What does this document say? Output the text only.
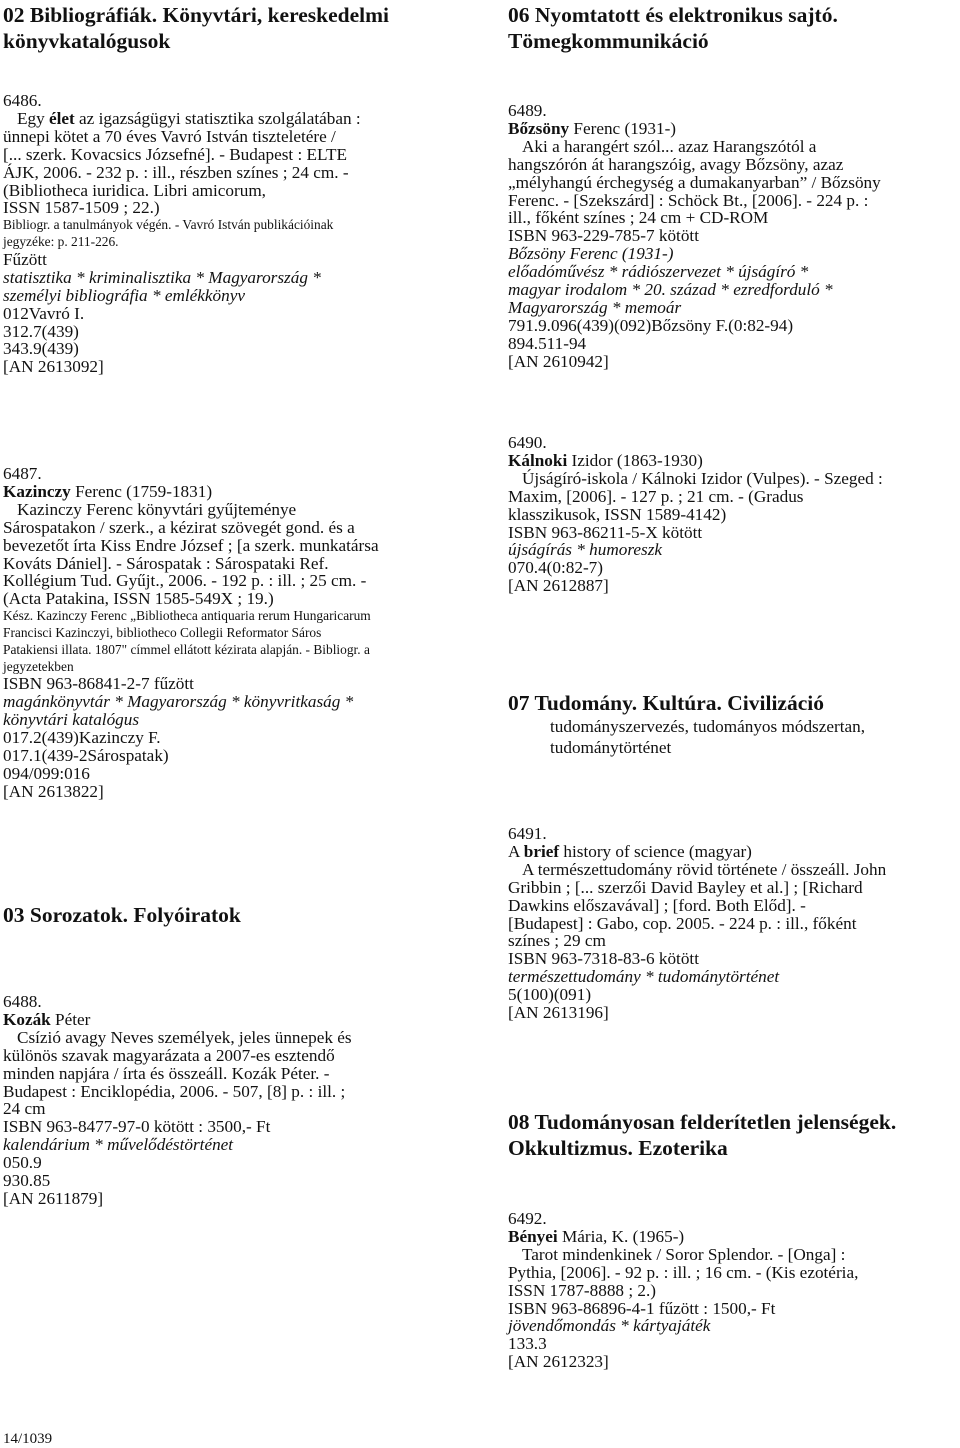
02 Bibliográfiák. Könyvtári, kereskedelmi könyvkatalógusok
6486.
Egy élet az igazságügyi statisztika szolgálatában :
ünnepi kötet a 70 éves Vavró István tiszteletére /
[... szerk. Kovacsics Józsefné]. - Budapest : ELTE
ÁJK, 2006. - 232 p. : ill., részben színes ; 24 cm. -
(Bibliotheca iuridica. Libri amicorum,
ISSN 1587-1509 ; 22.)
Bibliogr. a tanulmányok végén. - Vavró István publikációinak
jegyzéke: p. 211-226.
Fűzött
statisztika * kriminalisztika * Magyarország *
személyi bibliográfia * emlékkönyv
012Vavró I.
312.7(439)
343.9(439)
[AN 2613092]
6487.
Kazinczy Ferenc (1759-1831)
Kazinczy Ferenc könyvtári gyűjteménye
Sárospatakon / szerk., a kézirat szövegét gond. és a
bevezetőt írta Kiss Endre József ; [a szerk. munkatársa
Kováts Dániel]. - Sárospatak : Sárospataki Ref.
Kollégium Tud. Gyűjt., 2006. - 192 p. : ill. ; 25 cm. -
(Acta Patakina, ISSN 1585-549X ; 19.)
Kész. Kazinczy Ferenc „Bibliotheca antiquaria rerum Hungaricarum
Francisci Kazinczyi, bibliotheco Collegii Reformator Sáros
Patakiensi illata. 1807" címmel ellátott kézirata alapján. - Bibliogr. a
jegyzetekben
ISBN 963-86841-2-7 fűzött
magánkönyvtár * Magyarország * könyvritkaság *
könyvtári katalógus
017.2(439)Kazinczy F.
017.1(439-2Sárospatak)
094/099:016
[AN 2613822]
03 Sorozatok. Folyóiratok
6488.
Kozák Péter
Csízió avagy Neves személyek, jeles ünnepek és
különös szavak magyarázata a 2007-es esztendő
minden napjára / írta és összeáll. Kozák Péter. -
Budapest : Enciklopédia, 2006. - 507, [8] p. : ill. ;
24 cm
ISBN 963-8477-97-0 kötött : 3500,- Ft
kalendárium * művelődéstörténet
050.9
930.85
[AN 2611879]
06 Nyomtatott és elektronikus sajtó. Tömegkommunikáció
6489.
Bőzsöny Ferenc (1931-)
Aki a harangért szól... azaz Harangszótól a
hangszórón át harangszóig, avagy Bőzsöny, azaz
„mélyhangú érchegység a dumakanyarban” / Bőzsöny
Ferenc. - [Szekszárd] : Schöck Bt., [2006]. - 224 p. :
ill., főként színes ; 24 cm + CD-ROM
ISBN 963-229-785-7 kötött
Bőzsöny Ferenc (1931-)
előadóművész * rádiószervezet * újságíró *
magyar irodalom * 20. század * ezredforduló *
Magyarország * memoár
791.9.096(439)(092)Bőzsöny F.(0:82-94)
894.511-94
[AN 2610942]
6490.
Kálnoki Izidor (1863-1930)
Újságíró-iskola / Kálnoki Izidor (Vulpes). - Szeged :
Maxim, [2006]. - 127 p. ; 21 cm. - (Gradus
klasszikusok, ISSN 1589-4142)
ISBN 963-86211-5-X kötött
újságírás * humoreszk
070.4(0:82-7)
[AN 2612887]
07 Tudomány. Kultúra. Civilizáció
tudományszervezés, tudományos módszertan, tudománytörténet
6491.
A brief history of science (magyar)
A természettudomány rövid története / összeáll. John
Gribbin ; [... szerzői David Bayley et al.] ; [Richard
Dawkins előszavával] ; [ford. Both Előd]. -
[Budapest] : Gabo, cop. 2005. - 224 p. : ill., főként
színes ; 29 cm
ISBN 963-7318-83-6 kötött
természettudomány * tudománytörténet
5(100)(091)
[AN 2613196]
08 Tudományosan felderítetlen jelenségek. Okkultizmus. Ezoterika
6492.
Bényei Mária, K. (1965-)
Tarot mindenkinek / Soror Splendor. - [Onga] :
Pythia, [2006]. - 92 p. : ill. ; 16 cm. - (Kis ezotéria,
ISSN 1787-8888 ; 2.)
ISBN 963-86896-4-1 fűzött : 1500,- Ft
jövendőmondás * kártyajáték
133.3
[AN 2612323]
14/1039
